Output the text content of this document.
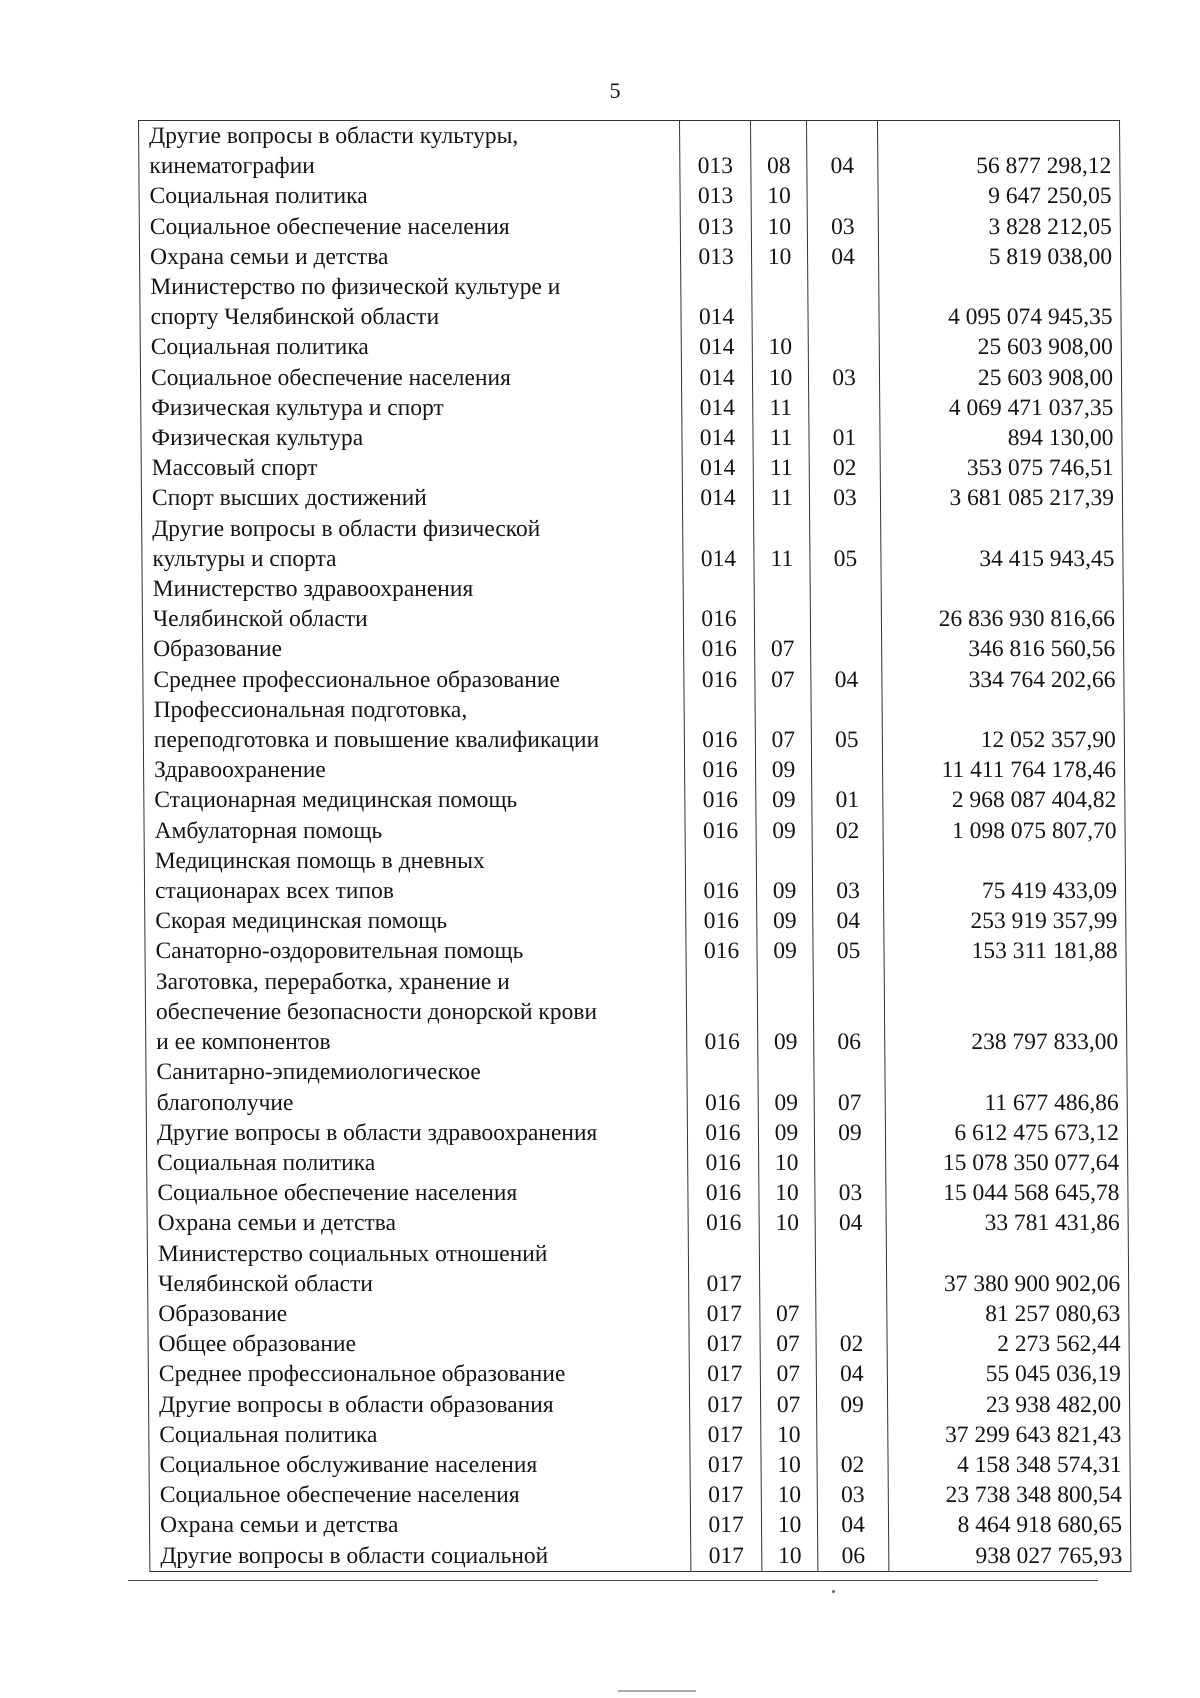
5
Другие вопросы в области культуры,				
кинематографии	013	08	04	56 877 298,12
Социальная политика	013	10		9 647 250,05
Социальное обеспечение населения	013	10	03	3 828 212,05
Охрана семьи и детства	013	10	04	5 819 038,00
Министерство по физической культуре и				
спорту Челябинской области	014			4 095 074 945,35
Социальная политика	014	10		25 603 908,00
Социальное обеспечение населения	014	10	03	25 603 908,00
Физическая культура и спорт	014	11		4 069 471 037,35
Физическая культура	014	11	01	894 130,00
Массовый спорт	014	11	02	353 075 746,51
Спорт высших достижений	014	11	03	3 681 085 217,39
Другие вопросы в области физической				
культуры и спорта	014	11	05	34 415 943,45
Министерство здравоохранения				
Челябинской области	016			26 836 930 816,66
Образование	016	07		346 816 560,56
Среднее профессиональное образование	016	07	04	334 764 202,66
Профессиональная подготовка,				
переподготовка и повышение квалификации	016	07	05	12 052 357,90
Здравоохранение	016	09		11 411 764 178,46
Стационарная медицинская помощь	016	09	01	2 968 087 404,82
Амбулаторная помощь	016	09	02	1 098 075 807,70
Медицинская помощь в дневных				
стационарах всех типов	016	09	03	75 419 433,09
Скорая медицинская помощь	016	09	04	253 919 357,99
Санаторно-оздоровительная помощь	016	09	05	153 311 181,88
Заготовка, переработка, хранение и				
обеспечение безопасности донорской крови				
и ее компонентов	016	09	06	238 797 833,00
Санитарно-эпидемиологическое				
благополучие	016	09	07	11 677 486,86
Другие вопросы в области здравоохранения	016	09	09	6 612 475 673,12
Социальная политика	016	10		15 078 350 077,64
Социальное обеспечение населения	016	10	03	15 044 568 645,78
Охрана семьи и детства	016	10	04	33 781 431,86
Министерство социальных отношений				
Челябинской области	017			37 380 900 902,06
Образование	017	07		81 257 080,63
Общее образование	017	07	02	2 273 562,44
Среднее профессиональное образование	017	07	04	55 045 036,19
Другие вопросы в области образования	017	07	09	23 938 482,00
Социальная политика	017	10		37 299 643 821,43
Социальное обслуживание населения	017	10	02	4 158 348 574,31
Социальное обеспечение населения	017	10	03	23 738 348 800,54
Охрана семьи и детства	017	10	04	8 464 918 680,65
Другие вопросы в области социальной	017	10	06	938 027 765,93
